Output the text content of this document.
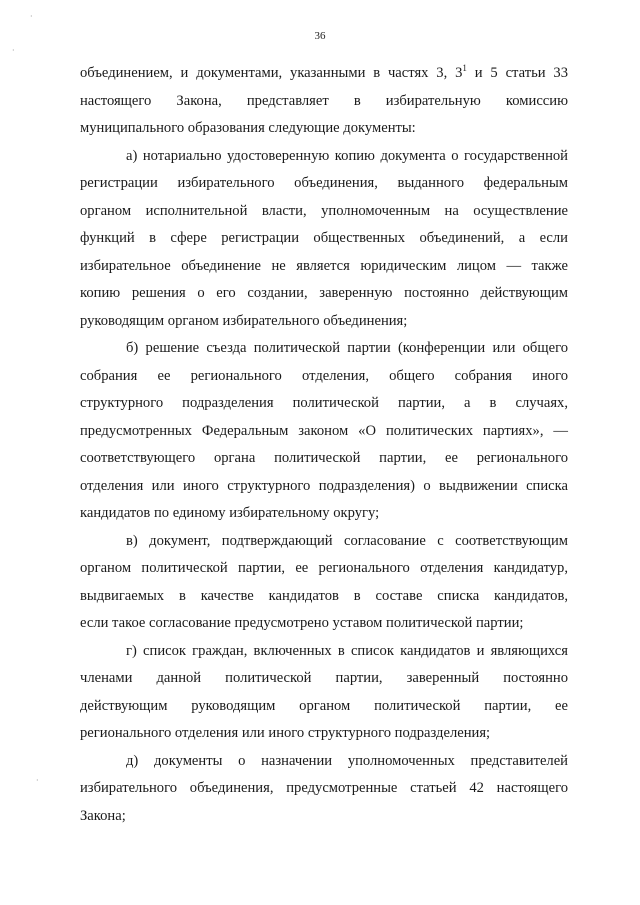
·
·
36
объединением, и документами, указанными в частях 3, $3^1$ и 5 статьи 33
настоящего Закона, представляет в избирательную комиссию
муниципального образования следующие документы:
а) нотариально удостоверенную копию документа о государственной
регистрации избирательного объединения, выданного федеральным
органом исполнительной власти, уполномоченным на осуществление
функций в сфере регистрации общественных объединений, а если
избирательное объединение не является юридическим лицом — также
копию решения о его создании, заверенную постоянно действующим
руководящим органом избирательного объединения;
б) решение съезда политической партии (конференции или общего
собрания ее регионального отделения, общего собрания иного
структурного подразделения политической партии, а в случаях,
предусмотренных Федеральным законом «О политических партиях», —
соответствующего органа политической партии, ее регионального
отделения или иного структурного подразделения) о выдвижении списка
кандидатов по единому избирательному округу;
в) документ, подтверждающий согласование с соответствующим
органом политической партии, ее регионального отделения кандидатур,
выдвигаемых в качестве кандидатов в составе списка кандидатов,
если такое согласование предусмотрено уставом политической партии;
г) список граждан, включенных в список кандидатов и являющихся
членами данной политической партии, заверенный постоянно
действующим руководящим органом политической партии, ее
регионального отделения или иного структурного подразделения;
д) документы о назначении уполномоченных представителей
избирательного объединения, предусмотренные статьей 42 настоящего
Закона;
·
